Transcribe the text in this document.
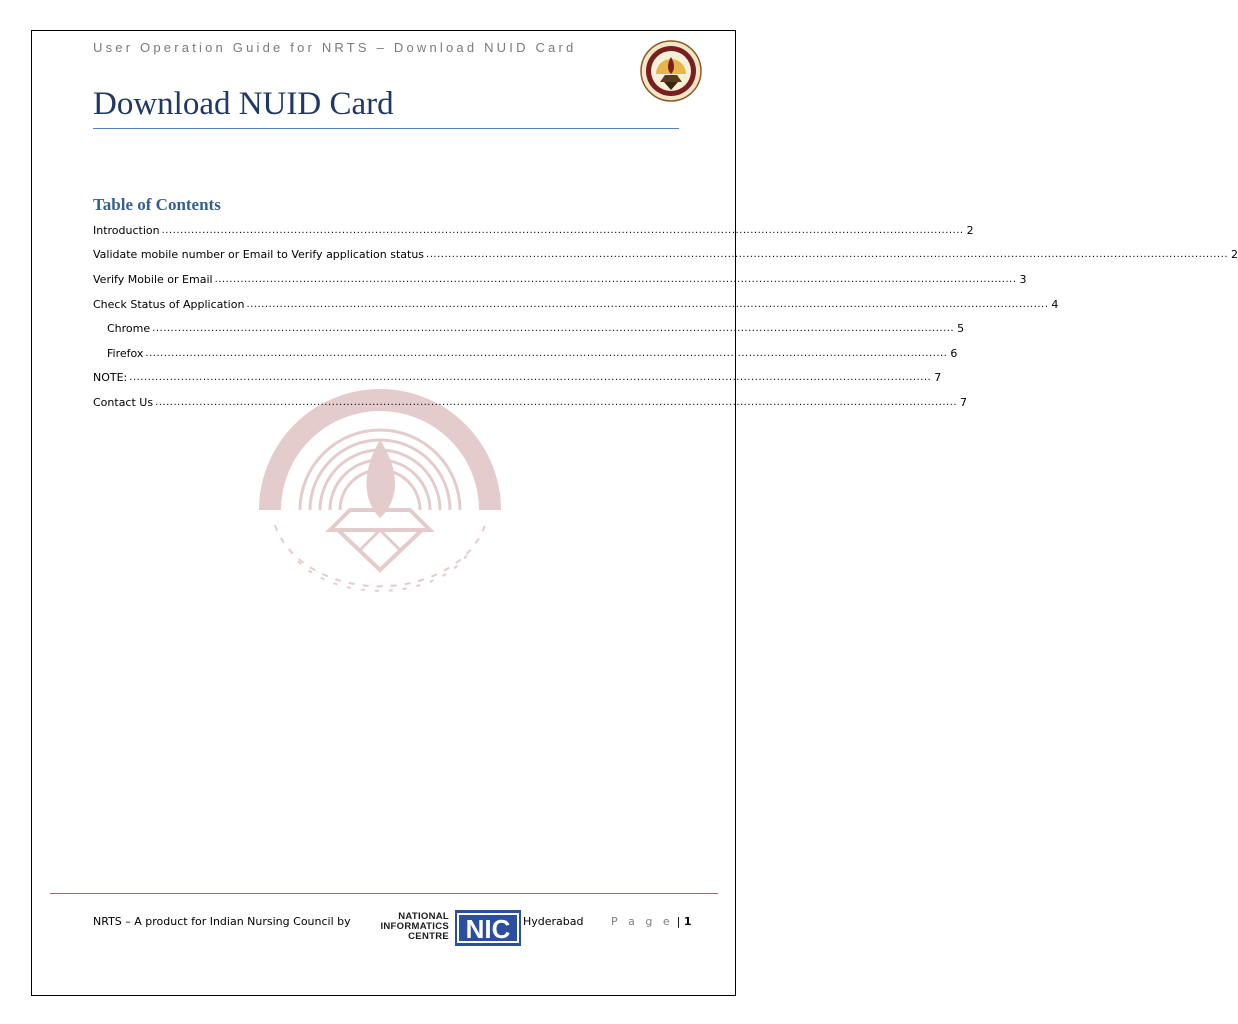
User Operation Guide for NRTS – Download NUID Card
Download NUID Card
Table of Contents
Introduction .......................................................................................................................................................................................................................... 2
Validate mobile number or Email to Verify application status .......................................................................................................................................................................................................................... 2
Verify Mobile or Email .......................................................................................................................................................................................................................... 3
Check Status of Application .......................................................................................................................................................................................................................... 4
Chrome .......................................................................................................................................................................................................................... 5
Firefox .......................................................................................................................................................................................................................... 6
NOTE: .......................................................................................................................................................................................................................... 7
Contact Us .......................................................................................................................................................................................................................... 7
NRTS – A product for Indian Nursing Council by	NATIONAL
INFORMATICS
CENTRE NIC Hyderabad	P a g e | 1
